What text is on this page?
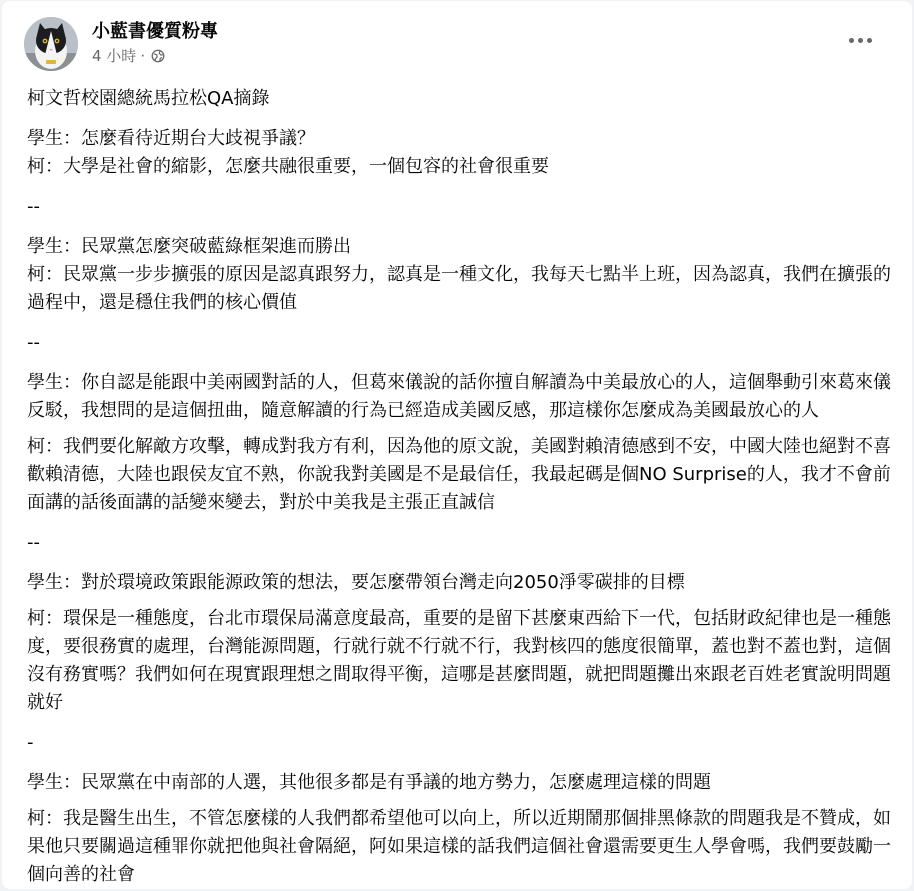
小藍書優質粉專
4 小時 ·

柯文哲校園總統馬拉松QA摘錄

學生：怎麼看待近期台大歧視爭議？
柯：大學是社會的縮影，怎麼共融很重要，一個包容的社會很重要

--

學生：民眾黨怎麼突破藍綠框架進而勝出
柯：民眾黨一步步擴張的原因是認真跟努力，認真是一種文化，我每天七點半上班，因為認真，我們在擴張的過程中，還是穩住我們的核心價值

--

學生：你自認是能跟中美兩國對話的人，但葛來儀說的話你擅自解讀為中美最放心的人，這個舉動引來葛來儀反駁，我想問的是這個扭曲，隨意解讀的行為已經造成美國反感，那這樣你怎麼成為美國最放心的人

柯：我們要化解敵方攻擊，轉成對我方有利，因為他的原文說，美國對賴清德感到不安，中國大陸也絕對不喜歡賴清德，大陸也跟侯友宜不熟，你說我對美國是不是最信任，我最起碼是個NO Surprise的人，我才不會前面講的話後面講的話變來變去，對於中美我是主張正直誠信

--

學生：對於環境政策跟能源政策的想法，要怎麼帶領台灣走向2050淨零碳排的目標

柯：環保是一種態度，台北市環保局滿意度最高，重要的是留下甚麼東西給下一代，包括財政紀律也是一種態度，要很務實的處理，台灣能源問題，行就行就不行就不行，我對核四的態度很簡單，蓋也對不蓋也對，這個沒有務實嗎？我們如何在現實跟理想之間取得平衡，這哪是甚麼問題，就把問題攤出來跟老百姓老實說明問題就好

-

學生：民眾黨在中南部的人選，其他很多都是有爭議的地方勢力，怎麼處理這樣的問題

柯：我是醫生出生，不管怎麼樣的人我們都希望他可以向上，所以近期鬧那個排黑條款的問題我是不贊成，如果他只要關過這種罪你就把他與社會隔絕，阿如果這樣的話我們這個社會還需要更生人學會嗎，我們要鼓勵一個向善的社會
